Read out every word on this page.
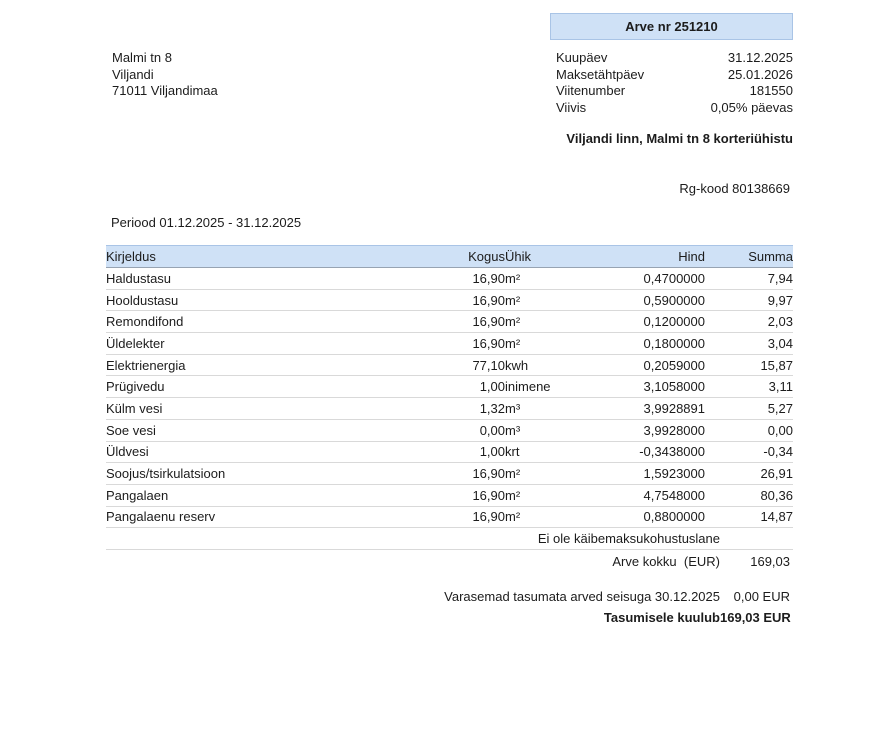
Arve nr 251210
Malmi tn 8
Viljandi
71011 Viljandimaa
Kuupäev	31.12.2025
Maksetähtpäev	25.01.2026
Viitenumber	181550
Viivis	0,05% päevas
Viljandi linn, Malmi tn 8 korteriühistu
Rg-kood 80138669
Periood 01.12.2025 - 31.12.2025
Kirjeldus	Kogus	Ühik	Hind	Summa
Haldustasu	16,90	m²	0,4700000	7,94
Hooldustasu	16,90	m²	0,5900000	9,97
Remondifond	16,90	m²	0,1200000	2,03
Üldelekter	16,90	m²	0,1800000	3,04
Elektrienergia	77,10	kwh	0,2059000	15,87
Prügivedu	1,00	inimene	3,1058000	3,11
Külm vesi	1,32	m³	3,9928891	5,27
Soe vesi	0,00	m³	3,9928000	0,00
Üldvesi	1,00	krt	-0,3438000	-0,34
Soojus/tsirkulatsioon	16,90	m²	1,5923000	26,91
Pangalaen	16,90	m²	4,7548000	80,36
Pangalaenu reserv	16,90	m²	0,8800000	14,87
Ei ole käibemaksukohustuslane
Arve kokku  (EUR)	169,03
Varasemad tasumata arved seisuga 30.12.2025	0,00 EUR
Tasumisele kuulub 169,03 EUR
